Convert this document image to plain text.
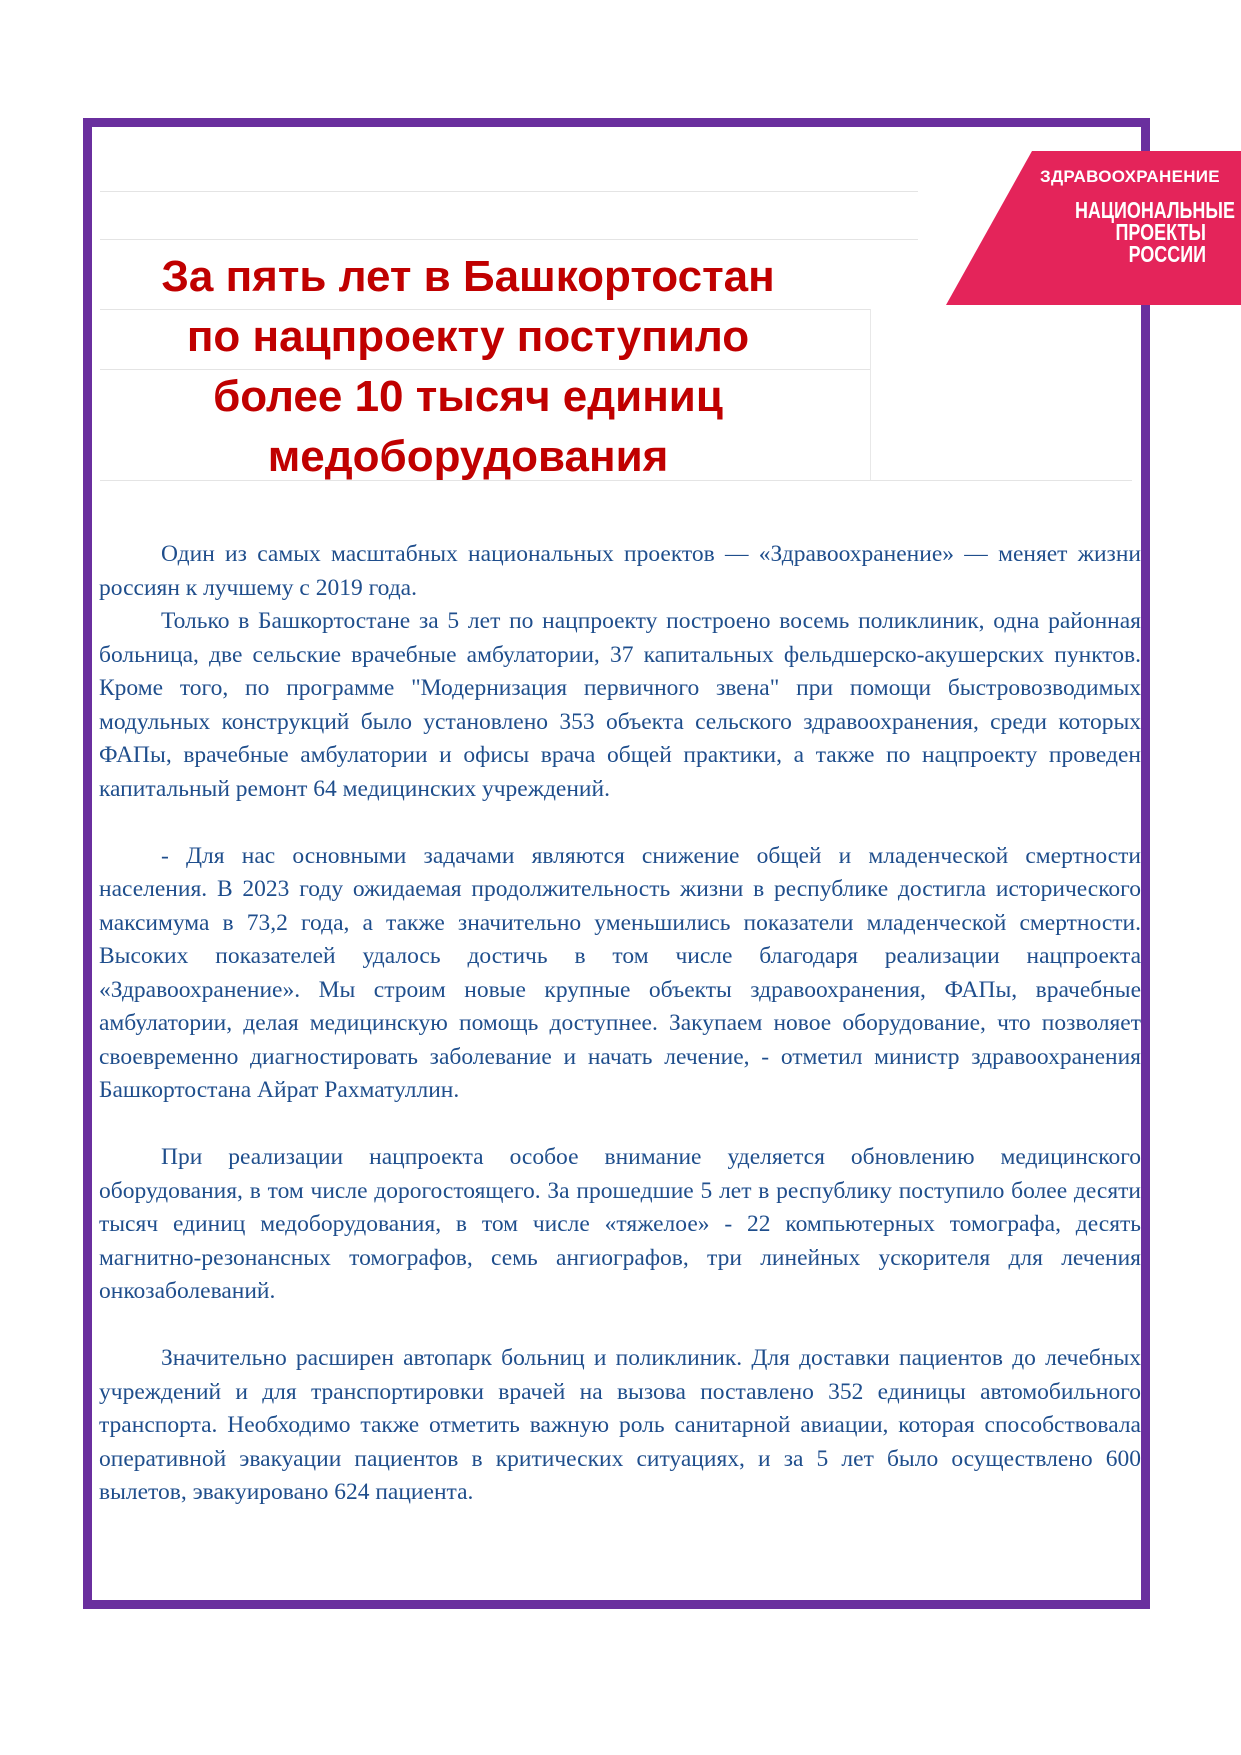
ЗДРАВООХРАНЕНИЕ
НАЦИОНАЛЬНЫЕ
ПРОЕКТЫ
РОССИИ
За пять лет в Башкортостан
по нацпроекту поступило
более 10 тысяч единиц
медоборудования

Один из самых масштабных национальных проектов — «Здравоохранение» — меняет жизни россиян к лучшему с 2019 года.

Только в Башкортостане за 5 лет по нацпроекту построено восемь поликлиник, одна районная больница, две сельские врачебные амбулатории, 37 капитальных фельдшерско-акушерских пунктов. Кроме того, по программе "Модернизация первичного звена" при помощи быстровозводимых модульных конструкций было установлено 353 объекта сельского здравоохранения, среди которых ФАПы, врачебные амбулатории и офисы врача общей практики, а также по нацпроекту проведен капитальный ремонт 64 медицинских учреждений.

- Для нас основными задачами являются снижение общей и младенческой смертности населения. В 2023 году ожидаемая продолжительность жизни в республике достигла исторического максимума в 73,2 года, а также значительно уменьшились показатели младенческой смертности. Высоких показателей удалось достичь в том числе благодаря реализации нацпроекта «Здравоохранение». Мы строим новые крупные объекты здравоохранения, ФАПы, врачебные амбулатории, делая медицинскую помощь доступнее. Закупаем новое оборудование, что позволяет своевременно диагностировать заболевание и начать лечение, - отметил министр здравоохранения Башкортостана Айрат Рахматуллин.

При реализации нацпроекта особое внимание уделяется обновлению медицинского оборудования, в том числе дорогостоящего. За прошедшие 5 лет в республику поступило более десяти тысяч единиц медоборудования, в том числе «тяжелое» - 22 компьютерных томографа, десять магнитно-резонансных томографов, семь ангиографов, три линейных ускорителя для лечения онкозаболеваний.

Значительно расширен автопарк больниц и поликлиник. Для доставки пациентов до лечебных учреждений и для транспортировки врачей на вызова поставлено 352 единицы автомобильного транспорта. Необходимо также отметить важную роль санитарной авиации, которая способствовала оперативной эвакуации пациентов в критических ситуациях, и за 5 лет было осуществлено 600 вылетов, эвакуировано 624 пациента.
